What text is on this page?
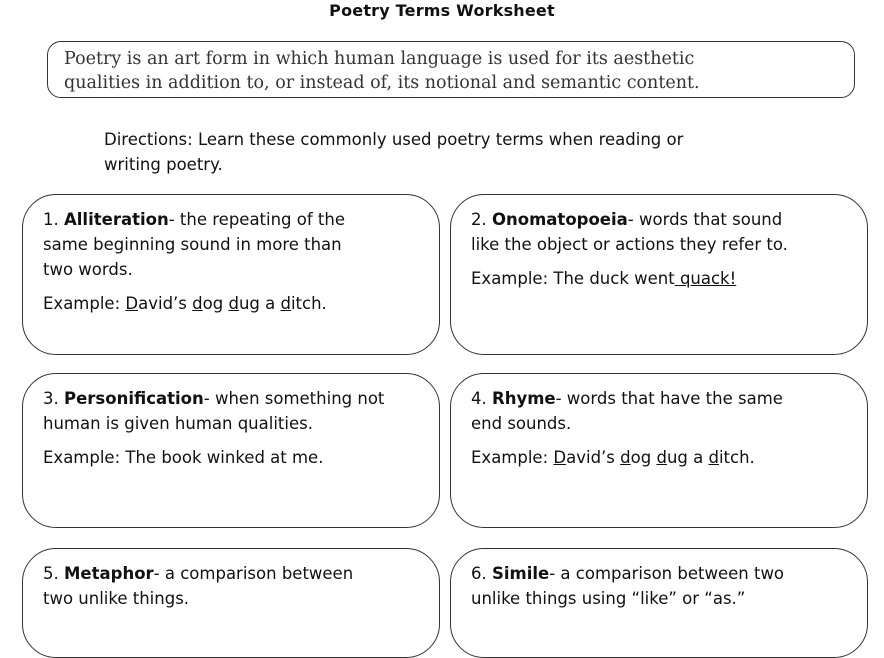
Poetry Terms Worksheet
Poetry is an art form in which human language is used for its aesthetic
qualities in addition to, or instead of, its notional and semantic content.
Directions: Learn these commonly used poetry terms when reading or
writing poetry.

1. Alliteration- the repeating of the
same beginning sound in more than
two words.

Example: David’s dog dug a ditch.

2. Onomatopoeia- words that sound
like the object or actions they refer to.

Example: The duck went quack!

3. Personification- when something not
human is given human qualities.

Example: The book winked at me.

4. Rhyme- words that have the same
end sounds.

Example: David’s dog dug a ditch.

5. Metaphor- a comparison between
two unlike things.

6. Simile- a comparison between two
unlike things using “like” or “as.”
